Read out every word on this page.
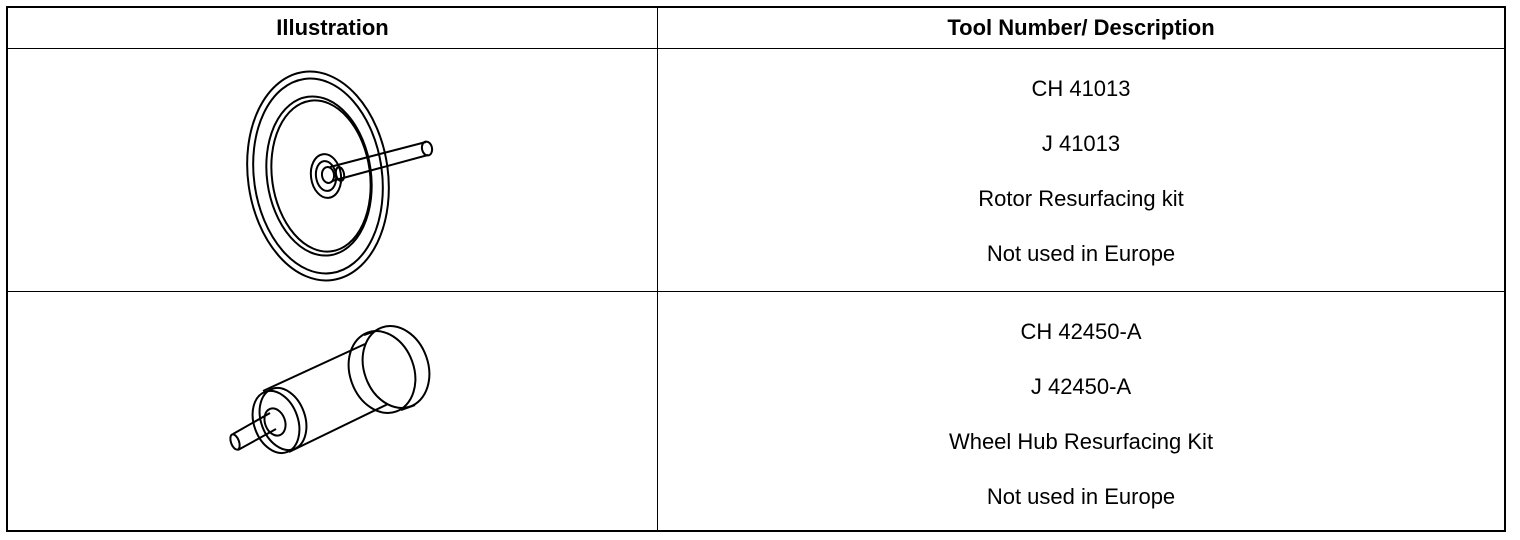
Illustration	Tool Number/ Description
CH 41013
J 41013
Rotor Resurfacing kit
Not used in Europe
CH 42450-A
J 42450-A
Wheel Hub Resurfacing Kit
Not used in Europe
